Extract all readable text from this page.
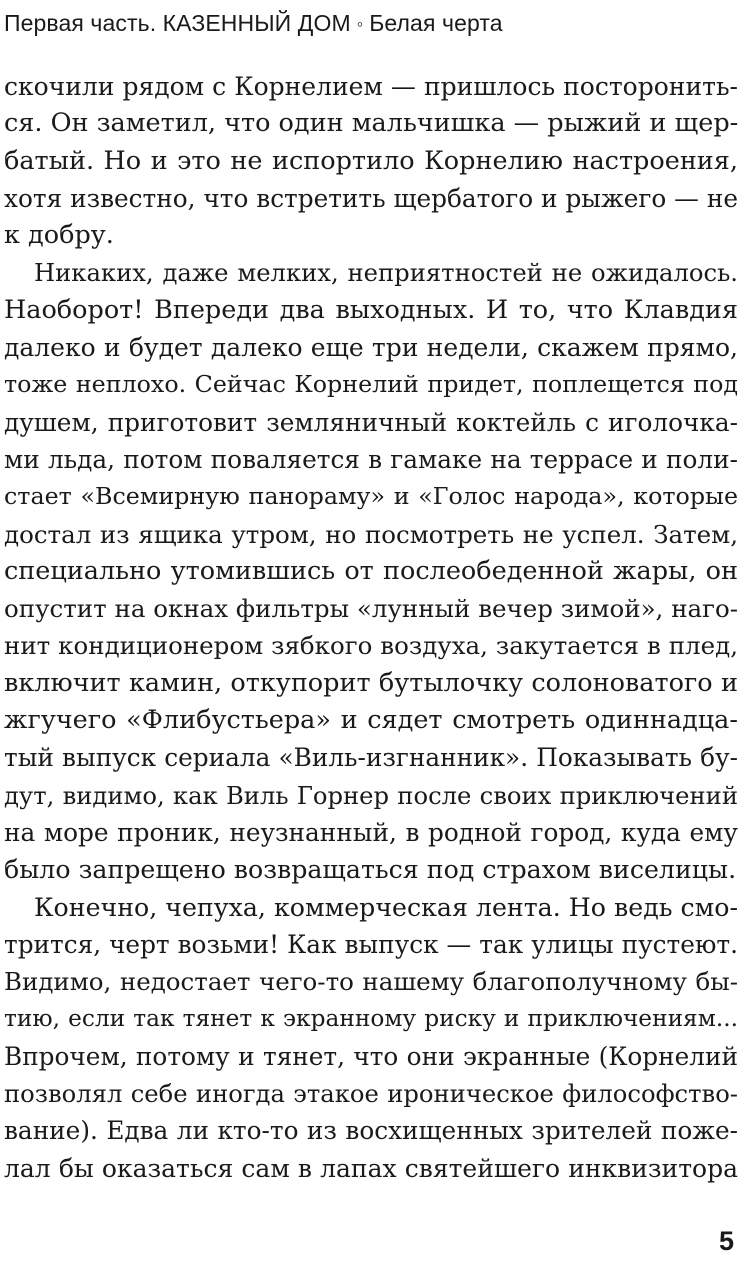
Первая часть. КАЗЕННЫЙ ДОМ ◦ Белая черта
скочили рядом с Корнелием — пришлось посторонить-
ся. Он заметил, что один мальчишка — рыжий и щер-
батый. Но и это не испортило Корнелию настроения,
хотя известно, что встретить щербатого и рыжего — не
к добру.
Никаких, даже мелких, неприятностей не ожидалось.
Наоборот! Впереди два выходных. И то, что Клавдия
далеко и будет далеко еще три недели, скажем прямо,
тоже неплохо. Сейчас Корнелий придет, поплещется под
душем, приготовит земляничный коктейль с иголочка-
ми льда, потом поваляется в гамаке на террасе и поли-
стает «Всемирную панораму» и «Голос народа», которые
достал из ящика утром, но посмотреть не успел. Затем,
специально утомившись от послеобеденной жары, он
опустит на окнах фильтры «лунный вечер зимой», наго-
нит кондиционером зябкого воздуха, закутается в плед,
включит камин, откупорит бутылочку солоноватого и
жгучего «Флибустьера» и сядет смотреть одиннадца-
тый выпуск сериала «Виль-изгнанник». Показывать бу-
дут, видимо, как Виль Горнер после своих приключений
на море проник, неузнанный, в родной город, куда ему
было запрещено возвращаться под страхом виселицы.
Конечно, чепуха, коммерческая лента. Но ведь смо-
трится, черт возьми! Как выпуск — так улицы пустеют.
Видимо, недостает чего-то нашему благополучному бы-
тию, если так тянет к экранному риску и приключениям...
Впрочем, потому и тянет, что они экранные (Корнелий
позволял себе иногда этакое ироническое философство-
вание). Едва ли кто-то из восхищенных зрителей поже-
лал бы оказаться сам в лапах святейшего инквизитора
5
